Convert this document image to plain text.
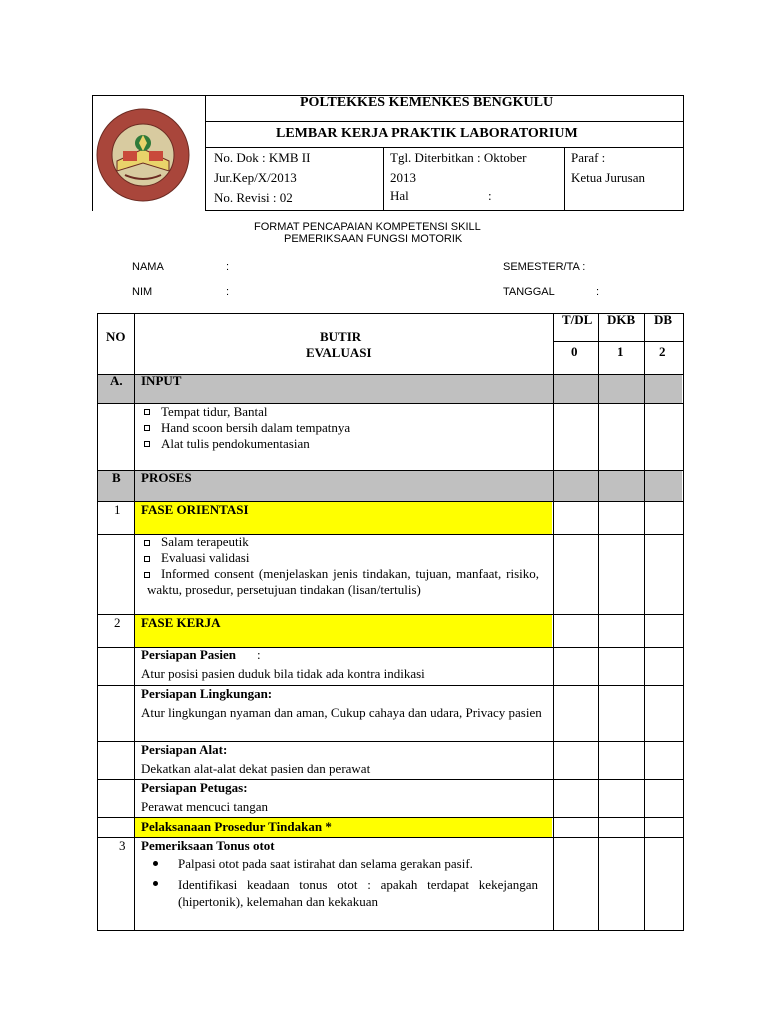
POLTEKKES KEMENKES BENGKULU
LEMBAR KERJA PRAKTIK LABORATORIUM
No. Dok : KMB II
Jur.Kep/X/2013
No. Revisi : 02
Tgl. Diterbitkan : Oktober
2013
Hal	:
Paraf :
Ketua Jurusan
FORMAT PENCAPAIAN KOMPETENSI SKILL
PEMERIKSAAN FUNGSI MOTORIK
NAMA	:	SEMESTER/TA :
NIM	:	TANGGAL	:
NO	BUTIR
EVALUASI
T/DL DKB DB
0	1	2
A. INPUT
Tempat tidur, Bantal
Hand scoon bersih dalam tempatnya
Alat tulis pendokumentasian
B PROSES
1 FASE ORIENTASI
Salam terapeutik
Evaluasi validasi
Informed consent (menjelaskan jenis tindakan, tujuan, manfaat, risiko, waktu, prosedur, persetujuan tindakan (lisan/tertulis)
2 FASE KERJA
Persiapan Pasien :
Atur posisi pasien duduk bila tidak ada kontra indikasi
Persiapan Lingkungan:
Atur lingkungan nyaman dan aman, Cukup cahaya dan udara, Privacy pasien
Persiapan Alat:
Dekatkan alat-alat dekat pasien dan perawat
Persiapan Petugas:
Perawat mencuci tangan
Pelaksanaan Prosedur Tindakan *
3 Pemeriksaan Tonus otot
Palpasi otot pada saat istirahat dan selama gerakan pasif.
Identifikasi keadaan tonus otot : apakah terdapat kekejangan (hipertonik), kelemahan dan kekakuan
